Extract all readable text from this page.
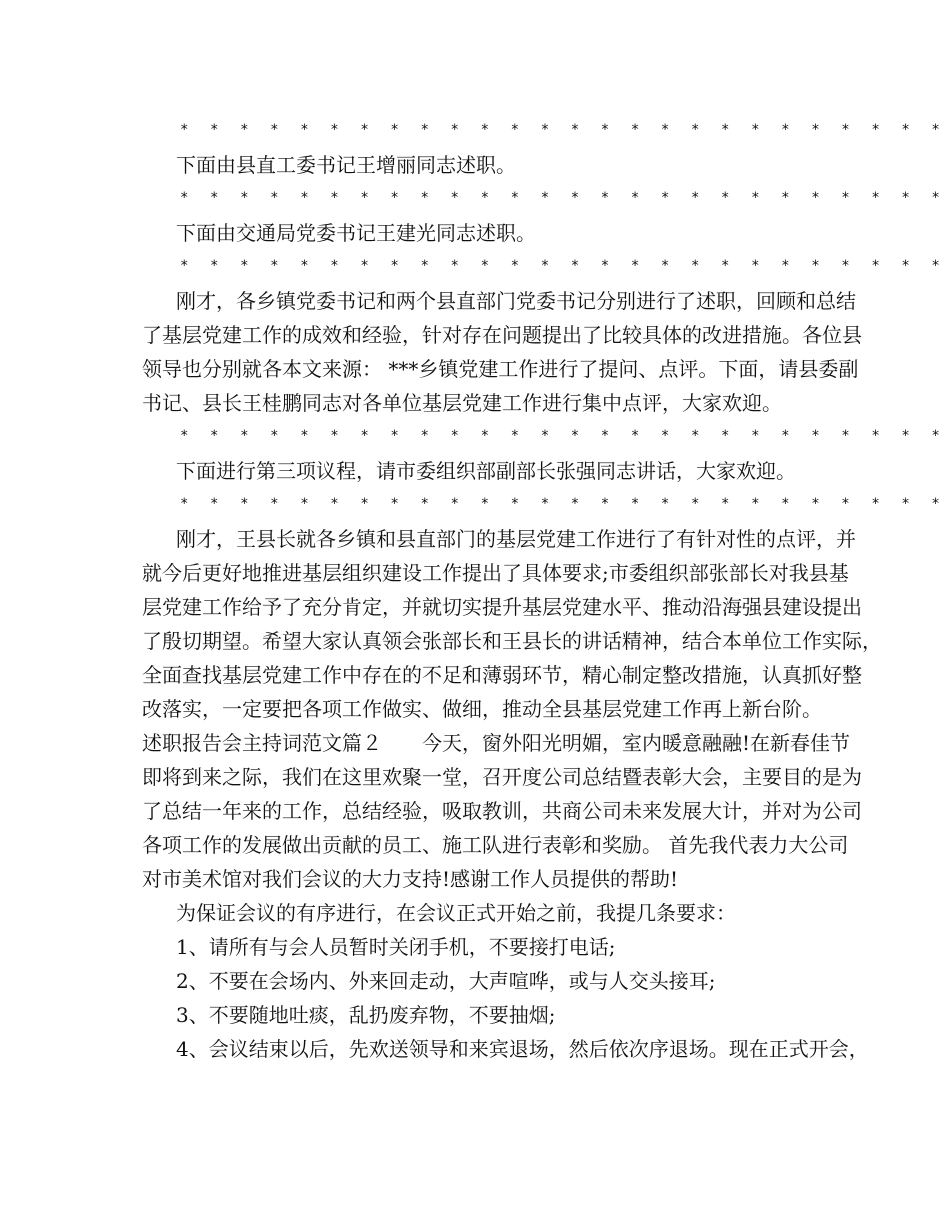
* * * * * * * * * * * * * * * * * * * * * * * * * *
下面由县直工委书记王增丽同志述职。
* * * * * * * * * * * * * * * * * * * * * * * * * *
下面由交通局党委书记王建光同志述职。
* * * * * * * * * * * * * * * * * * * * * * * * * *
刚才，各乡镇党委书记和两个县直部门党委书记分别进行了述职，回顾和总结
了基层党建工作的成效和经验，针对存在问题提出了比较具体的改进措施。各位县
领导也分别就各本文来源： ***乡镇党建工作进行了提问、点评。下面，请县委副
书记、县长王桂鹏同志对各单位基层党建工作进行集中点评，大家欢迎。
* * * * * * * * * * * * * * * * * * * * * * * * * *
下面进行第三项议程，请市委组织部副部长张强同志讲话，大家欢迎。
* * * * * * * * * * * * * * * * * * * * * * * * * *
刚才，王县长就各乡镇和县直部门的基层党建工作进行了有针对性的点评，并
就今后更好地推进基层组织建设工作提出了具体要求;市委组织部张部长对我县基
层党建工作给予了充分肯定，并就切实提升基层党建水平、推动沿海强县建设提出
了殷切期望。希望大家认真领会张部长和王县长的讲话精神，结合本单位工作实际，
全面查找基层党建工作中存在的不足和薄弱环节，精心制定整改措施，认真抓好整
改落实，一定要把各项工作做实、做细，推动全县基层党建工作再上新台阶。
述职报告会主持词范文篇２　　今天，窗外阳光明媚，室内暖意融融!在新春佳节
即将到来之际，我们在这里欢聚一堂，召开度公司总结暨表彰大会，主要目的是为
了总结一年来的工作，总结经验，吸取教训，共商公司未来发展大计，并对为公司
各项工作的发展做出贡献的员工、施工队进行表彰和奖励。 首先我代表力大公司
对市美术馆对我们会议的大力支持!感谢工作人员提供的帮助!
为保证会议的有序进行，在会议正式开始之前，我提几条要求：
1、请所有与会人员暂时关闭手机，不要接打电话;
2、不要在会场内、外来回走动，大声喧哗，或与人交头接耳;
3、不要随地吐痰，乱扔废弃物，不要抽烟;
4、会议结束以后，先欢送领导和来宾退场，然后依次序退场。现在正式开会，
